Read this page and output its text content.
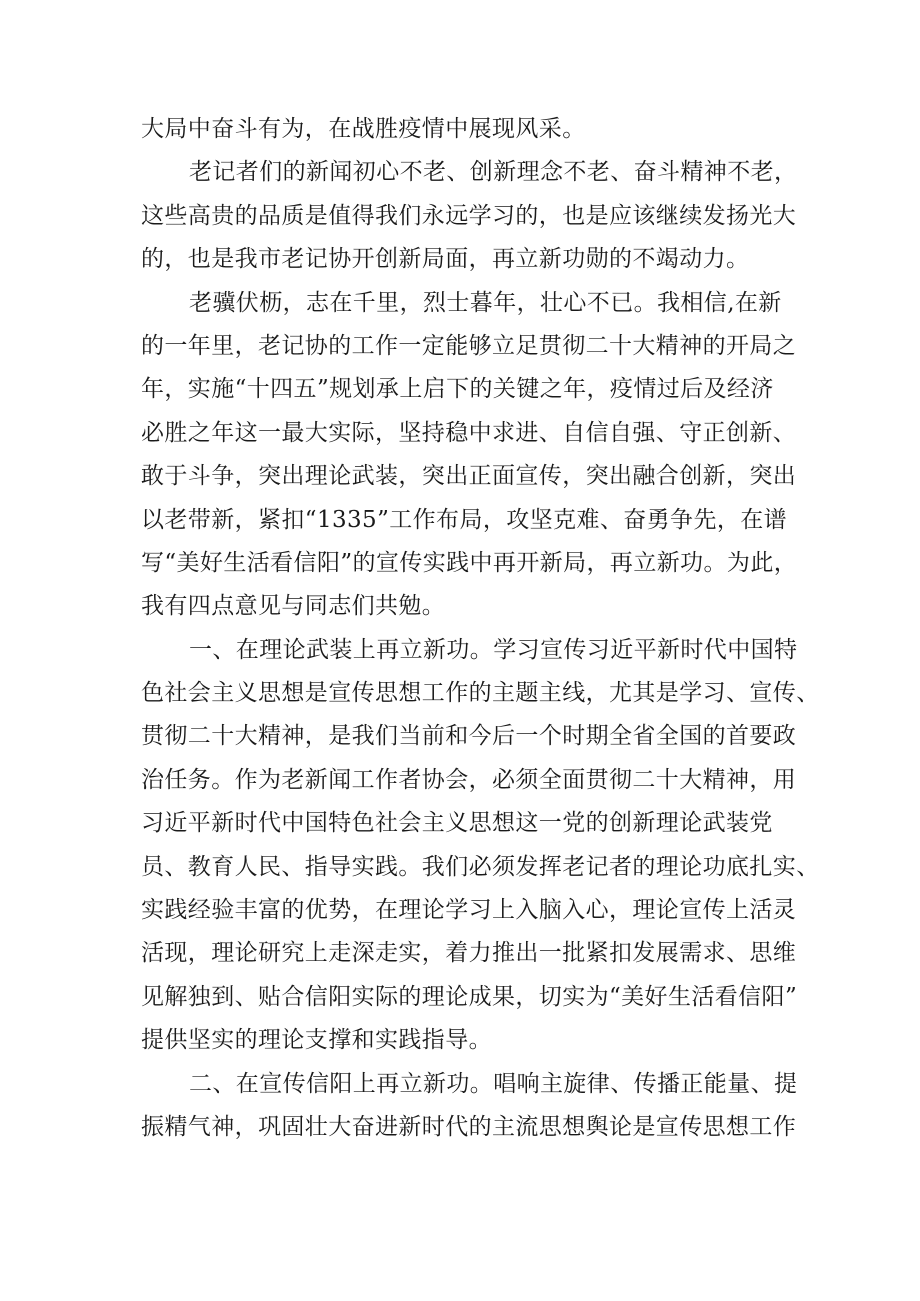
大局中奋斗有为，在战胜疫情中展现风采。
老记者们的新闻初心不老、创新理念不老、奋斗精神不老，
这些高贵的品质是值得我们永远学习的，也是应该继续发扬光大
的，也是我市老记协开创新局面，再立新功勋的不竭动力。
老骥伏枥，志在千里，烈士暮年，壮心不已。我相信,在新
的一年里，老记协的工作一定能够立足贯彻二十大精神的开局之
年，实施“十四五”规划承上启下的关键之年，疫情过后及经济
必胜之年这一最大实际，坚持稳中求进、自信自强、守正创新、
敢于斗争，突出理论武装，突出正面宣传，突出融合创新，突出
以老带新，紧扣“1335”工作布局，攻坚克难、奋勇争先，在谱
写“美好生活看信阳”的宣传实践中再开新局，再立新功。为此，
我有四点意见与同志们共勉。
一、在理论武装上再立新功。学习宣传习近平新时代中国特
色社会主义思想是宣传思想工作的主题主线，尤其是学习、宣传、
贯彻二十大精神，是我们当前和今后一个时期全省全国的首要政
治任务。作为老新闻工作者协会，必须全面贯彻二十大精神，用
习近平新时代中国特色社会主义思想这一党的创新理论武装党
员、教育人民、指导实践。我们必须发挥老记者的理论功底扎实、
实践经验丰富的优势，在理论学习上入脑入心，理论宣传上活灵
活现，理论研究上走深走实，着力推出一批紧扣发展需求、思维
见解独到、贴合信阳实际的理论成果，切实为“美好生活看信阳”
提供坚实的理论支撑和实践指导。
二、在宣传信阳上再立新功。唱响主旋律、传播正能量、提
振精气神，巩固壮大奋进新时代的主流思想舆论是宣传思想工作
